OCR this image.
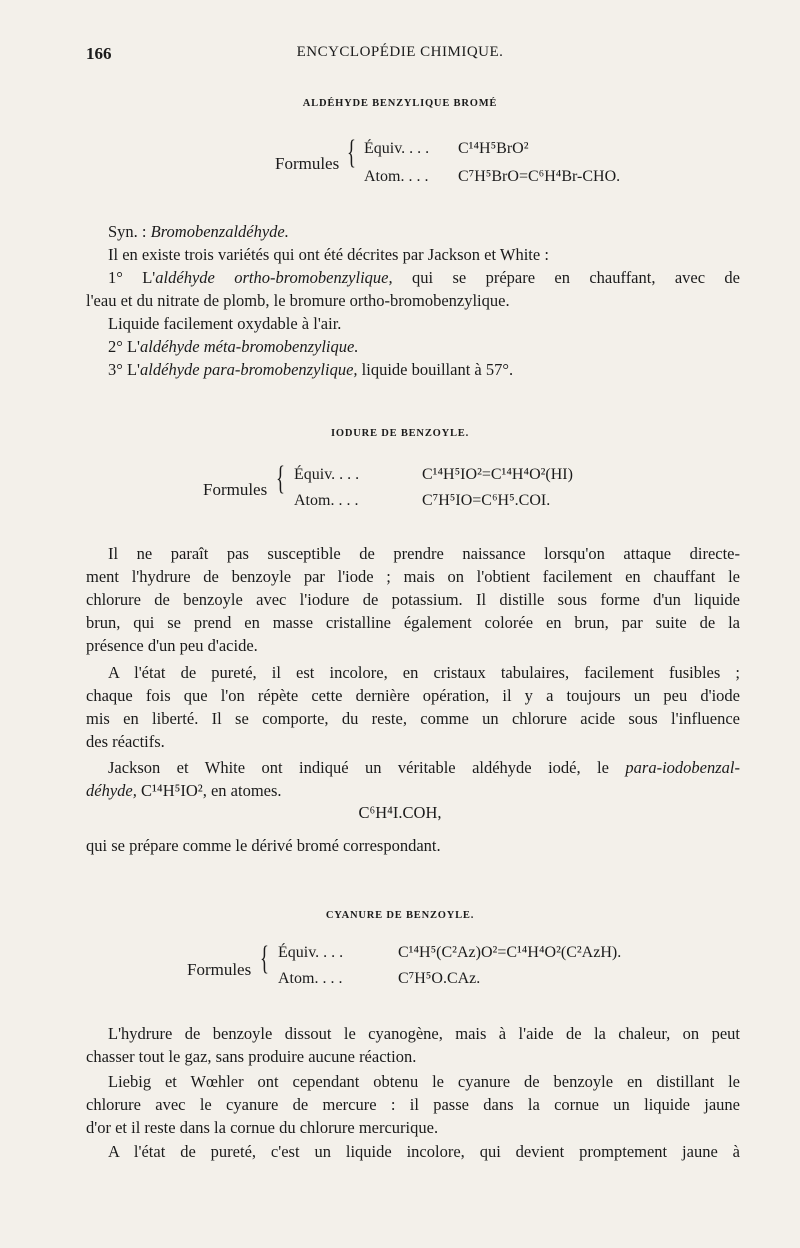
166	ENCYCLOPÉDIE CHIMIQUE.
ALDÉHYDE BENZYLIQUE BROMÉ
Formules { Équiv. . . . C¹⁴H⁵BrO²
Atom. . . . C⁷H⁵BrO=C⁶H⁴Br-CHO.
Syn. : Bromobenzaldéhyde.
Il en existe trois variétés qui ont été décrites par Jackson et White :
1° L'aldéhyde ortho-bromobenzylique, qui se prépare en chauffant, avec de
l'eau et du nitrate de plomb, le bromure ortho-bromobenzylique.
Liquide facilement oxydable à l'air.
2° L'aldéhyde méta-bromobenzylique.
3° L'aldéhyde para-bromobenzylique, liquide bouillant à 57°.
IODURE DE BENZOYLE.
Formules { Équiv. . . .	C¹⁴H⁵IO²=C¹⁴H⁴O²(HI)
Atom. . . .	C⁷H⁵IO=C⁶H⁵.COI.
Il ne paraît pas susceptible de prendre naissance lorsqu'on attaque directe-
ment l'hydrure de benzoyle par l'iode ; mais on l'obtient facilement en chauffant le
chlorure de benzoyle avec l'iodure de potassium. Il distille sous forme d'un liquide
brun, qui se prend en masse cristalline également colorée en brun, par suite de la
présence d'un peu d'acide.
A l'état de pureté, il est incolore, en cristaux tabulaires, facilement fusibles ;
chaque fois que l'on répète cette dernière opération, il y a toujours un peu d'iode
mis en liberté. Il se comporte, du reste, comme un chlorure acide sous l'influence
des réactifs.
Jackson et White ont indiqué un véritable aldéhyde iodé, le para-iodobenzal-
déhyde, C¹⁴H⁵IO², en atomes.
C⁶H⁴I.COH,
qui se prépare comme le dérivé bromé correspondant.
CYANURE DE BENZOYLE.
Formules { Équiv. . . .	C¹⁴H⁵(C²Az)O²=C¹⁴H⁴O²(C²AzH).
Atom. . . .	C⁷H⁵O.CAz.
L'hydrure de benzoyle dissout le cyanogène, mais à l'aide de la chaleur, on peut
chasser tout le gaz, sans produire aucune réaction.
Liebig et Wœhler ont cependant obtenu le cyanure de benzoyle en distillant le
chlorure avec le cyanure de mercure : il passe dans la cornue un liquide jaune
d'or et il reste dans la cornue du chlorure mercurique.
A l'état de pureté, c'est un liquide incolore, qui devient promptement jaune à
